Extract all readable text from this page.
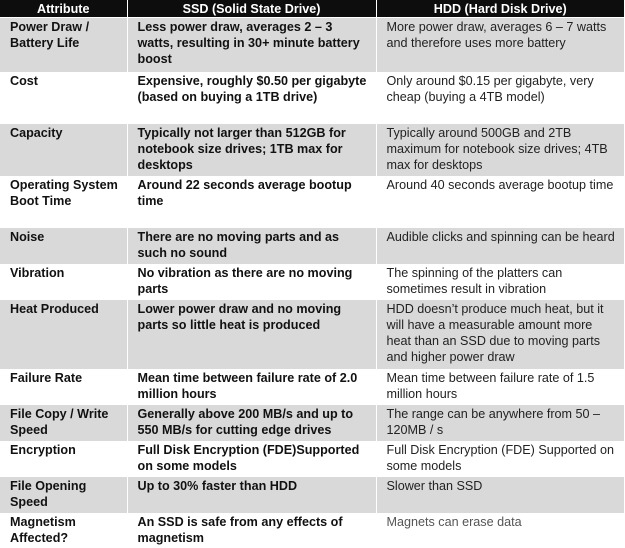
Attribute	SSD (Solid State Drive)	HDD (Hard Disk Drive)
Power Draw / Battery Life	Less power draw, averages 2 – 3 watts, resulting in 30+ minute battery boost	More power draw, averages 6 – 7 watts and therefore uses more battery
Cost	Expensive, roughly $0.50 per gigabyte (based on buying a 1TB drive)	Only around $0.15 per gigabyte, very cheap (buying a 4TB model)
Capacity	Typically not larger than 512GB for notebook size drives; 1TB max for desktops	Typically around 500GB and 2TB maximum for notebook size drives; 4TB max for desktops
Operating System Boot Time	Around 22 seconds average bootup time	Around 40 seconds average bootup time
Noise	There are no moving parts and as such no sound	Audible clicks and spinning can be heard
Vibration	No vibration as there are no moving parts	The spinning of the platters can sometimes result in vibration
Heat Produced	Lower power draw and no moving parts so little heat is produced	HDD doesn’t produce much heat, but it will have a measurable amount more heat than an SSD due to moving parts and higher power draw
Failure Rate	Mean time between failure rate of 2.0 million hours	Mean time between failure rate of 1.5 million hours
File Copy / Write Speed	Generally above 200 MB/s and up to 550 MB/s for cutting edge drives	The range can be anywhere from 50 – 120MB / s
Encryption	Full Disk Encryption (FDE)Supported on some models	Full Disk Encryption (FDE) Supported on some models
File Opening Speed	Up to 30% faster than HDD	Slower than SSD
Magnetism Affected?	An SSD is safe from any effects of magnetism	Magnets can erase data
